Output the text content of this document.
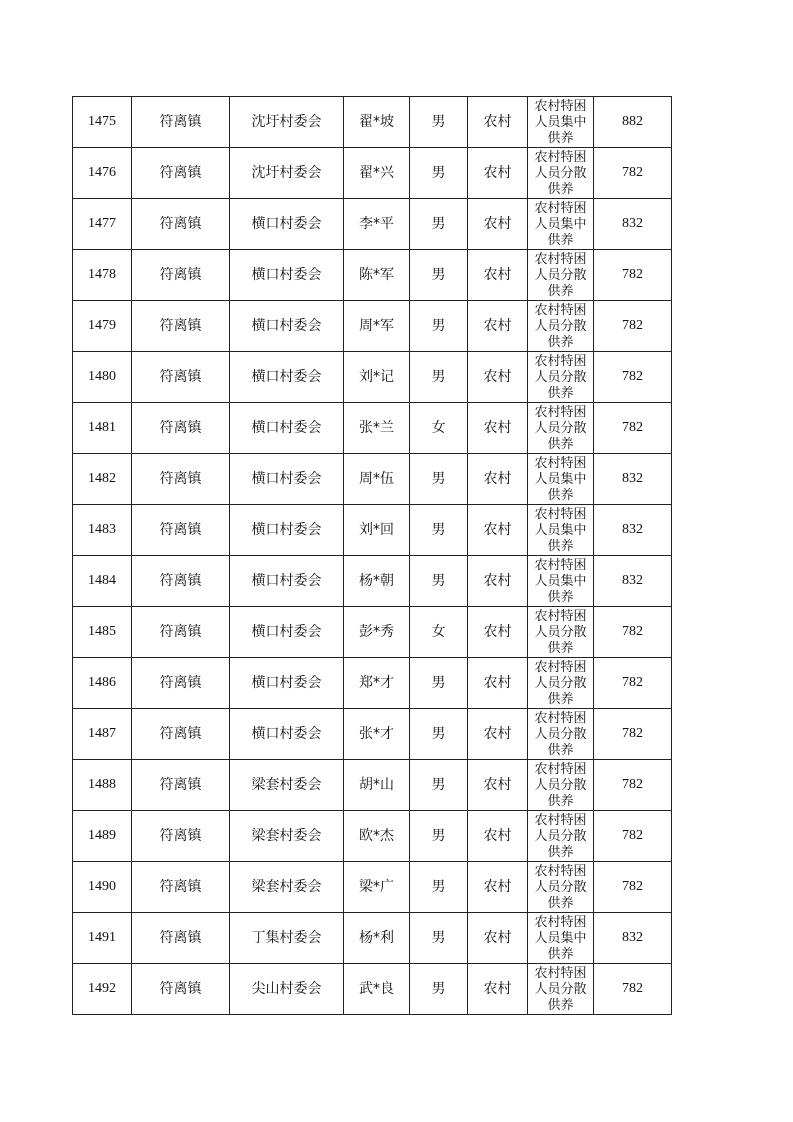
1475	符离镇	沈圩村委会	翟*坡	男	农村	农村特困人员集中供养	882
1476	符离镇	沈圩村委会	翟*兴	男	农村	农村特困人员分散供养	782
1477	符离镇	横口村委会	李*平	男	农村	农村特困人员集中供养	832
1478	符离镇	横口村委会	陈*军	男	农村	农村特困人员分散供养	782
1479	符离镇	横口村委会	周*军	男	农村	农村特困人员分散供养	782
1480	符离镇	横口村委会	刘*记	男	农村	农村特困人员分散供养	782
1481	符离镇	横口村委会	张*兰	女	农村	农村特困人员分散供养	782
1482	符离镇	横口村委会	周*伍	男	农村	农村特困人员集中供养	832
1483	符离镇	横口村委会	刘*回	男	农村	农村特困人员集中供养	832
1484	符离镇	横口村委会	杨*朝	男	农村	农村特困人员集中供养	832
1485	符离镇	横口村委会	彭*秀	女	农村	农村特困人员分散供养	782
1486	符离镇	横口村委会	郑*才	男	农村	农村特困人员分散供养	782
1487	符离镇	横口村委会	张*才	男	农村	农村特困人员分散供养	782
1488	符离镇	梁套村委会	胡*山	男	农村	农村特困人员分散供养	782
1489	符离镇	梁套村委会	欧*杰	男	农村	农村特困人员分散供养	782
1490	符离镇	梁套村委会	梁*广	男	农村	农村特困人员分散供养	782
1491	符离镇	丁集村委会	杨*利	男	农村	农村特困人员集中供养	832
1492	符离镇	尖山村委会	武*良	男	农村	农村特困人员分散供养	782
